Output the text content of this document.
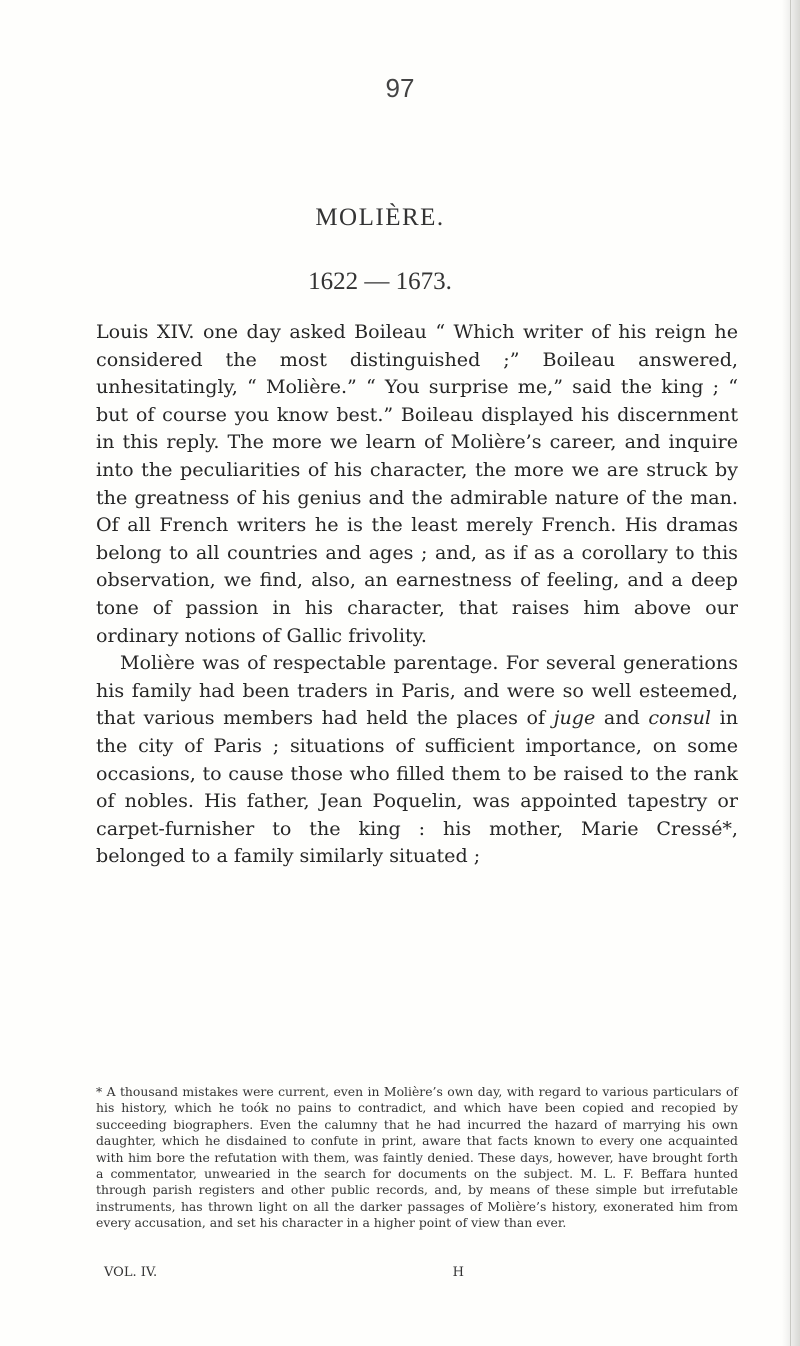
97
MOLIÈRE.
1622 — 1673.

Louis XIV. one day asked Boileau “ Which writer of his reign he considered the most distinguished ;” Boileau answered, unhesitatingly, “ Molière.” “ You surprise me,” said the king ; “ but of course you know best.” Boileau displayed his discernment in this reply. The more we learn of Molière’s career, and inquire into the peculiarities of his character, the more we are struck by the greatness of his genius and the admirable nature of the man. Of all French writers he is the least merely French. His dramas belong to all countries and ages ; and, as if as a corollary to this observation, we find, also, an earnestness of feeling, and a deep tone of passion in his character, that raises him above our ordinary notions of Gallic frivolity.

Molière was of respectable parentage. For several generations his family had been traders in Paris, and were so well esteemed, that various members had held the places of juge and consul in the city of Paris ; situations of sufficient importance, on some occasions, to cause those who filled them to be raised to the rank of nobles. His father, Jean Poquelin, was appointed tapestry or carpet-furnisher to the king : his mother, Marie Cressé*, belonged to a family similarly situated ;

* A thousand mistakes were current, even in Molière’s own day, with regard to various particulars of his history, which he toók no pains to contradict, and which have been copied and recopied by succeeding biographers. Even the calumny that he had incurred the hazard of marrying his own daughter, which he disdained to confute in print, aware that facts known to every one acquainted with him bore the refutation with them, was faintly denied. These days, however, have brought forth a commentator, unwearied in the search for documents on the subject. M. L. F. Beffara hunted through parish registers and other public records, and, by means of these simple but irrefutable instruments, has thrown light on all the darker passages of Molière’s history, exonerated him from every accusation, and set his character in a higher point of view than ever.
VOL. IV.	H
